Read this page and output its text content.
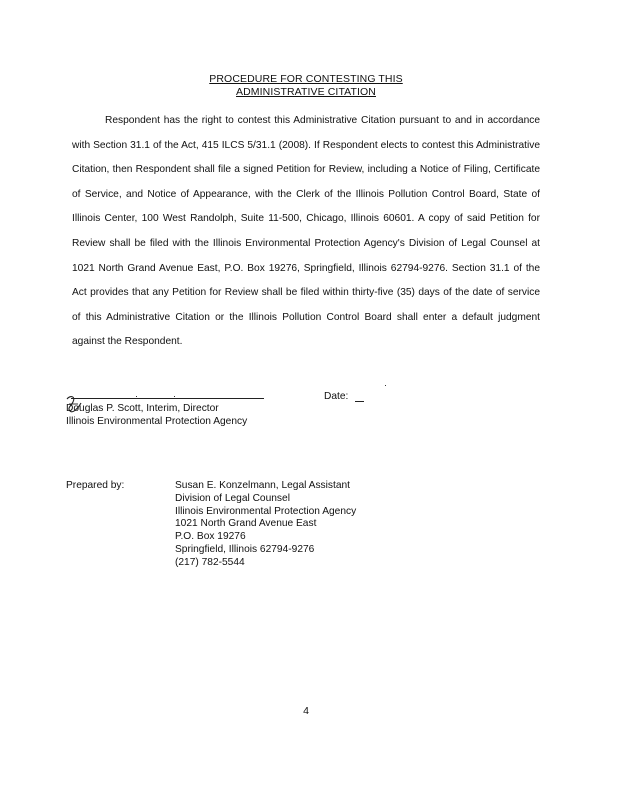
PROCEDURE FOR CONTESTING THIS
ADMINISTRATIVE CITATION

Respondent has the right to contest this Administrative Citation pursuant to and in accordance with Section 31.1 of the Act, 415 ILCS 5/31.1 (2008). If Respondent elects to contest this Administrative Citation, then Respondent shall file a signed Petition for Review, including a Notice of Filing, Certificate of Service, and Notice of Appearance, with the Clerk of the Illinois Pollution Control Board, State of Illinois Center, 100 West Randolph, Suite 11-500, Chicago, Illinois 60601. A copy of said Petition for Review shall be filed with the Illinois Environmental Protection Agency's Division of Legal Counsel at 1021 North Grand Avenue East, P.O. Box 19276, Springfield, Illinois 62794-9276. Section 31.1 of the Act provides that any Petition for Review shall be filed within thirty-five (35) days of the date of service of this Administrative Citation or the Illinois Pollution Control Board shall enter a default judgment against the Respondent.

Douglas P. Scott, Interim, Director
Illinois Environmental Protection Agency
Date:
Prepared by:	Susan E. Konzelmann, Legal Assistant
Division of Legal Counsel
Illinois Environmental Protection Agency
1021 North Grand Avenue East
P.O. Box 19276
Springfield, Illinois 62794-9276
(217) 782-5544
4
